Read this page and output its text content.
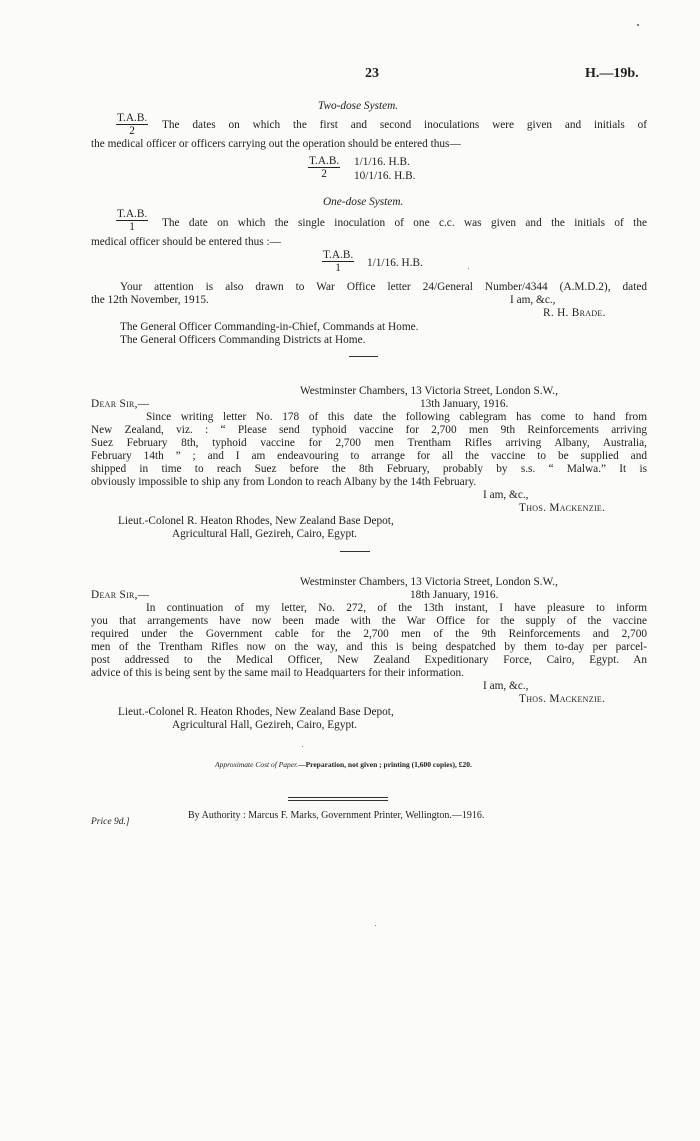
23	H.—19b.
Two-dose System.
$\frac{T.A.B.}{2}$ The dates on which the first and second inoculations were given and initials of
the medical officer or officers carrying out the operation should be entered thus—
$\frac{T.A.B.}{2} 1/1/16$. H.B.
10/1/16. H.B.
One-dose System.
$\frac{T.A.B.}{1}$ The date on which the single inoculation of one c.c. was given and the initials of the
medical officer should be entered thus :—
$\frac{T.A.B.}{1} 1/1/16$. H.B.
Your attention is also drawn to War Office letter 24/General Number/4344 (A.M.D.2), dated
the 12th November, 1915.	I am, &c.,
R. H. Brade.
The General Officer Commanding-in-Chief, Commands at Home.
The General Officers Commanding Districts at Home.
Westminster Chambers, 13 Victoria Street, London S.W.,
Dear Sir,—	13th January, 1916.
Since writing letter No. 178 of this date the following cablegram has come to hand from
New Zealand, viz. : “ Please send typhoid vaccine for 2,700 men 9th Reinforcements arriving
Suez February 8th, typhoid vaccine for 2,700 men Trentham Rifles arriving Albany, Australia,
February 14th ” ; and I am endeavouring to arrange for all the vaccine to be supplied and
shipped in time to reach Suez before the 8th February, probably by s.s. “ Malwa.” It is
obviously impossible to ship any from London to reach Albany by the 14th February.
I am, &c.,
Thos. Mackenzie.
Lieut.-Colonel R. Heaton Rhodes, New Zealand Base Depot,
Agricultural Hall, Gezireh, Cairo, Egypt.
Westminster Chambers, 13 Victoria Street, London S.W.,
Dear Sir,—	18th January, 1916.
In continuation of my letter, No. 272, of the 13th instant, I have pleasure to inform
you that arrangements have now been made with the War Office for the supply of the vaccine
required under the Government cable for the 2,700 men of the 9th Reinforcements and 2,700
men of the Trentham Rifles now on the way, and this is being despatched by them to-day per parcel-
post addressed to the Medical Officer, New Zealand Expeditionary Force, Cairo, Egypt. An
advice of this is being sent by the same mail to Headquarters for their information.
I am, &c.,
Thos. Mackenzie.
Lieut.-Colonel R. Heaton Rhodes, New Zealand Base Depot,
Agricultural Hall, Gezireh, Cairo, Egypt.
Approximate Cost of Paper.—Preparation, not given ; printing (1,600 copies), £20.
By Authority : Marcus F. Marks, Government Printer, Wellington.—1916.
Price 9d.]
